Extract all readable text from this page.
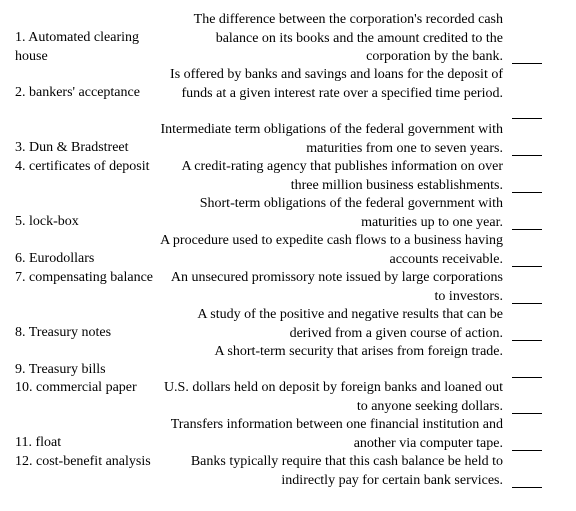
1. Automated clearing house
2. bankers' acceptance
3. Dun & Bradstreet
4. certificates of deposit
5. lock-box
6. Eurodollars
7. compensating balance
8. Treasury notes
9. Treasury bills
10. commercial paper
11. float
12. cost-benefit analysis
The difference between the corporation's recorded cash balance on its books and the amount credited to the corporation by the bank.
Is offered by banks and savings and loans for the deposit of funds at a given interest rate over a specified time period.
Intermediate term obligations of the federal government with maturities from one to seven years.
A credit-rating agency that publishes information on over three million business establishments.
Short-term obligations of the federal government with maturities up to one year.
A procedure used to expedite cash flows to a business having accounts receivable.
An unsecured promissory note issued by large corporations to investors.
A study of the positive and negative results that can be derived from a given course of action.
A short-term security that arises from foreign trade.
U.S. dollars held on deposit by foreign banks and loaned out to anyone seeking dollars.
Transfers information between one financial institution and another via computer tape.
Banks typically require that this cash balance be held to indirectly pay for certain bank services.
